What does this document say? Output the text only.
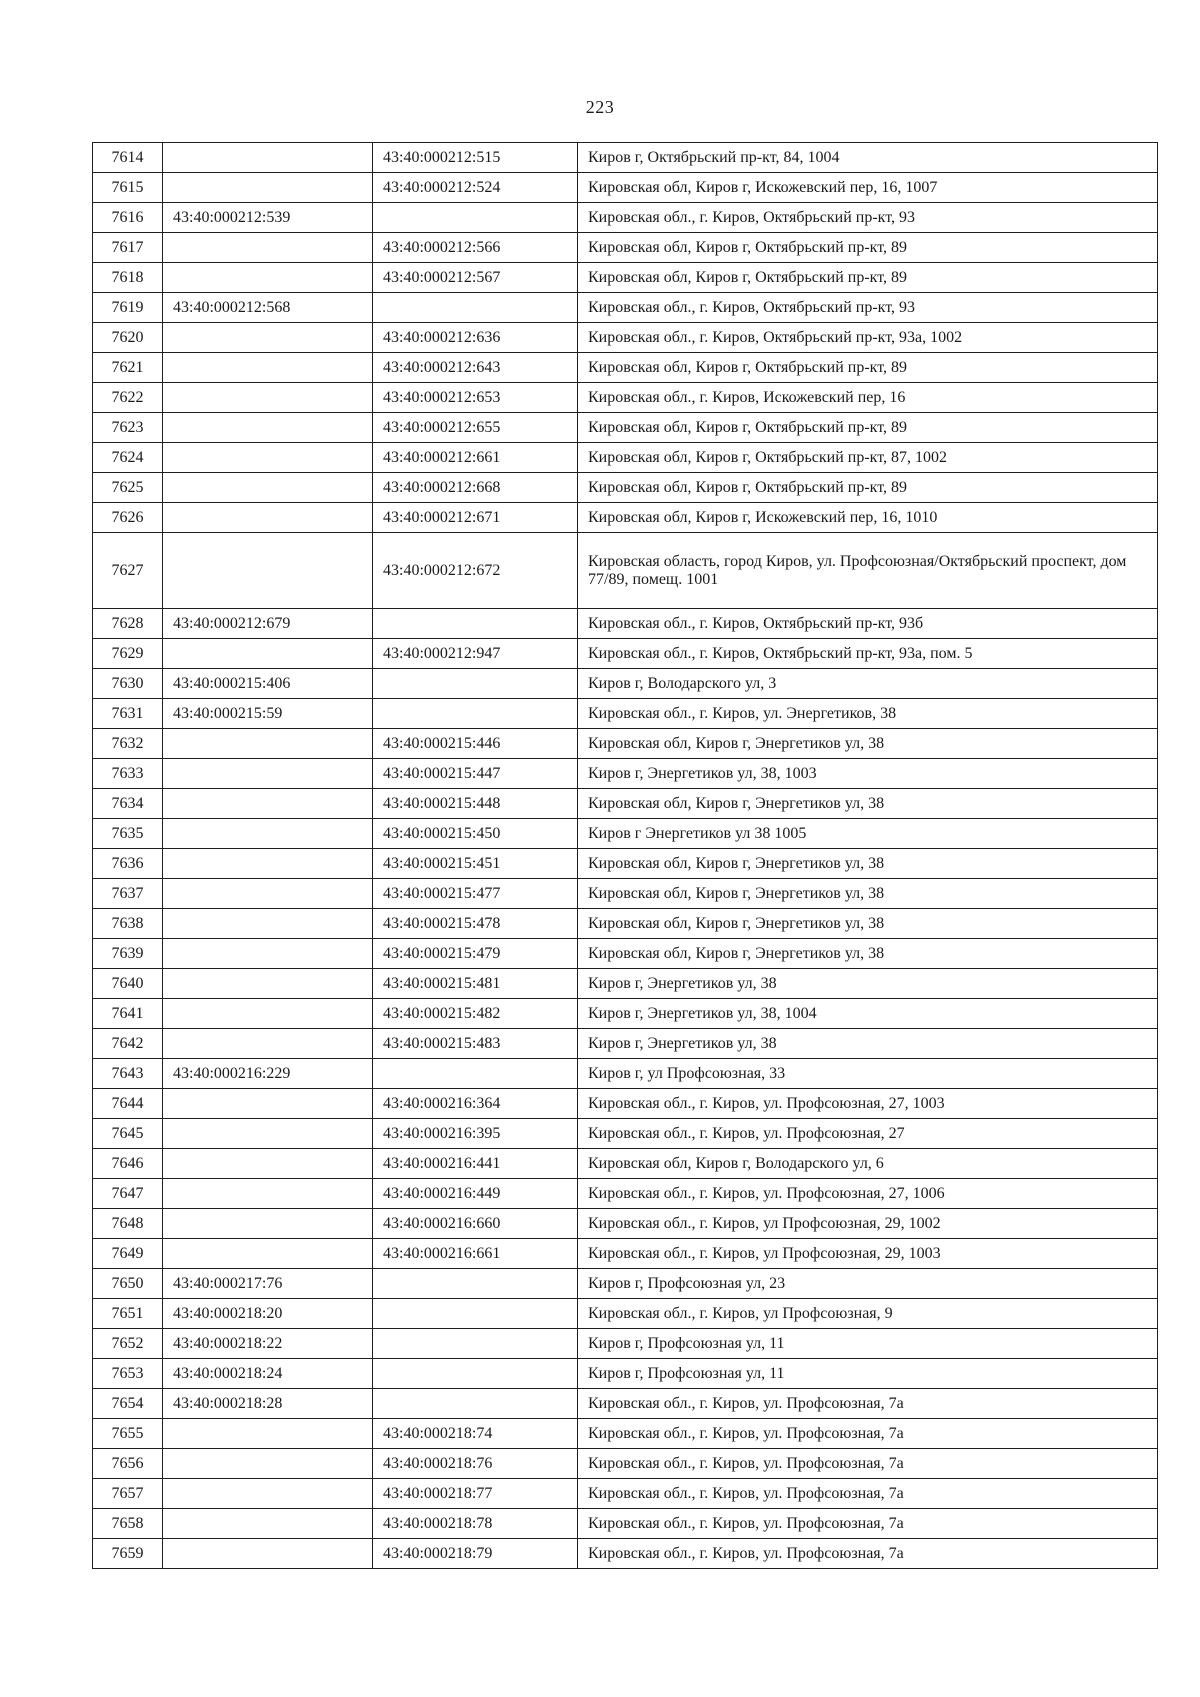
223
7614		43:40:000212:515	Киров г, Октябрьский пр-кт, 84, 1004
7615		43:40:000212:524	Кировская обл, Киров г, Искожевский пер, 16, 1007
7616	43:40:000212:539		Кировская обл., г. Киров, Октябрьский пр-кт, 93
7617		43:40:000212:566	Кировская обл, Киров г, Октябрьский пр-кт, 89
7618		43:40:000212:567	Кировская обл, Киров г, Октябрьский пр-кт, 89
7619	43:40:000212:568		Кировская обл., г. Киров, Октябрьский пр-кт, 93
7620		43:40:000212:636	Кировская обл., г. Киров, Октябрьский пр-кт, 93а, 1002
7621		43:40:000212:643	Кировская обл, Киров г, Октябрьский пр-кт, 89
7622		43:40:000212:653	Кировская обл., г. Киров, Искожевский пер, 16
7623		43:40:000212:655	Кировская обл, Киров г, Октябрьский пр-кт, 89
7624		43:40:000212:661	Кировская обл, Киров г, Октябрьский пр-кт, 87, 1002
7625		43:40:000212:668	Кировская обл, Киров г, Октябрьский пр-кт, 89
7626		43:40:000212:671	Кировская обл, Киров г, Искожевский пер, 16, 1010
7627		43:40:000212:672	Кировская область, город Киров, ул. Профсоюзная/Октябрьский проспект, дом 77/89, помещ. 1001
7628	43:40:000212:679		Кировская обл., г. Киров, Октябрьский пр-кт, 93б
7629		43:40:000212:947	Кировская обл., г. Киров, Октябрьский пр-кт, 93а, пом. 5
7630	43:40:000215:406		Киров г, Володарского ул, 3
7631	43:40:000215:59		Кировская обл., г. Киров, ул. Энергетиков, 38
7632		43:40:000215:446	Кировская обл, Киров г, Энергетиков ул, 38
7633		43:40:000215:447	Киров г, Энергетиков ул, 38, 1003
7634		43:40:000215:448	Кировская обл, Киров г, Энергетиков ул, 38
7635		43:40:000215:450	Киров г Энергетиков ул 38 1005
7636		43:40:000215:451	Кировская обл, Киров г, Энергетиков ул, 38
7637		43:40:000215:477	Кировская обл, Киров г, Энергетиков ул, 38
7638		43:40:000215:478	Кировская обл, Киров г, Энергетиков ул, 38
7639		43:40:000215:479	Кировская обл, Киров г, Энергетиков ул, 38
7640		43:40:000215:481	Киров г, Энергетиков ул, 38
7641		43:40:000215:482	Киров г, Энергетиков ул, 38, 1004
7642		43:40:000215:483	Киров г, Энергетиков ул, 38
7643	43:40:000216:229		Киров г, ул Профсоюзная, 33
7644		43:40:000216:364	Кировская обл., г. Киров, ул. Профсоюзная, 27, 1003
7645		43:40:000216:395	Кировская обл., г. Киров, ул. Профсоюзная, 27
7646		43:40:000216:441	Кировская обл, Киров г, Володарского ул, 6
7647		43:40:000216:449	Кировская обл., г. Киров, ул. Профсоюзная, 27, 1006
7648		43:40:000216:660	Кировская обл., г. Киров, ул Профсоюзная, 29, 1002
7649		43:40:000216:661	Кировская обл., г. Киров, ул Профсоюзная, 29, 1003
7650	43:40:000217:76		Киров г, Профсоюзная ул, 23
7651	43:40:000218:20		Кировская обл., г. Киров, ул Профсоюзная, 9
7652	43:40:000218:22		Киров г, Профсоюзная ул, 11
7653	43:40:000218:24		Киров г, Профсоюзная ул, 11
7654	43:40:000218:28		Кировская обл., г. Киров, ул. Профсоюзная, 7а
7655		43:40:000218:74	Кировская обл., г. Киров, ул. Профсоюзная, 7а
7656		43:40:000218:76	Кировская обл., г. Киров, ул. Профсоюзная, 7а
7657		43:40:000218:77	Кировская обл., г. Киров, ул. Профсоюзная, 7а
7658		43:40:000218:78	Кировская обл., г. Киров, ул. Профсоюзная, 7а
7659		43:40:000218:79	Кировская обл., г. Киров, ул. Профсоюзная, 7а
